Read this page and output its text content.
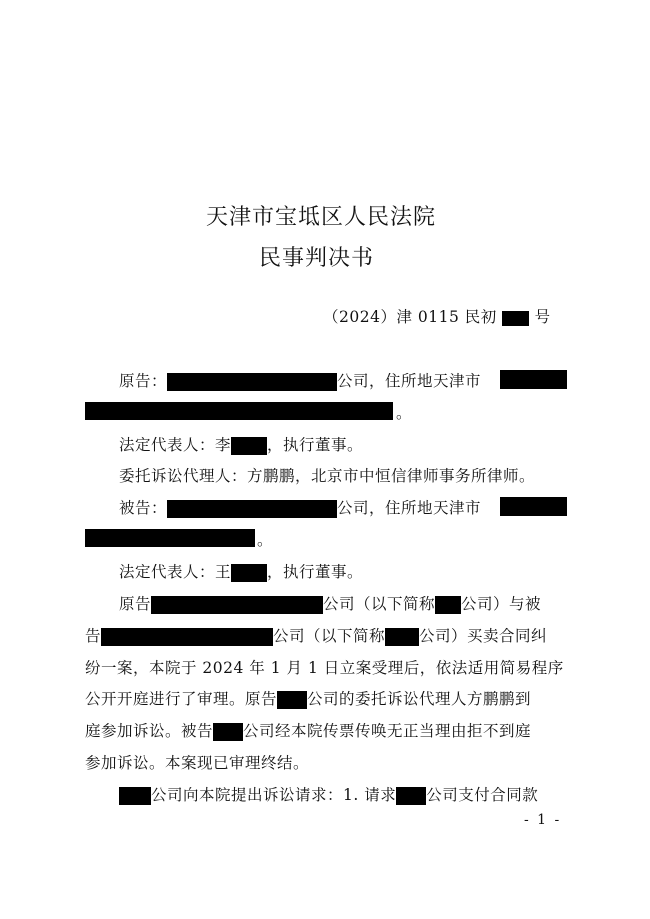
天津市宝坻区人民法院
民事判决书
（2024）津 0115 民初 号
原告：	公司，住所地天津市
。
法定代表人：李 ，执行董事。
委托诉讼代理人：方鹏鹏，北京市中恒信律师事务所律师。
被告：	公司，住所地天津市
。
法定代表人：王 ，执行董事。
原告	公司（以下简称 公司）与被
告	公司（以下简称 公司）买卖合同纠
纷一案，本院于 2024 年 1 月 1 日立案受理后，依法适用简易程序
公开开庭进行了审理。原告 公司的委托诉讼代理人方鹏鹏到
庭参加诉讼。被告 公司经本院传票传唤无正当理由拒不到庭
参加诉讼。本案现已审理终结。
公司向本院提出诉讼请求：1. 请求 公司支付合同款
- 1 -
